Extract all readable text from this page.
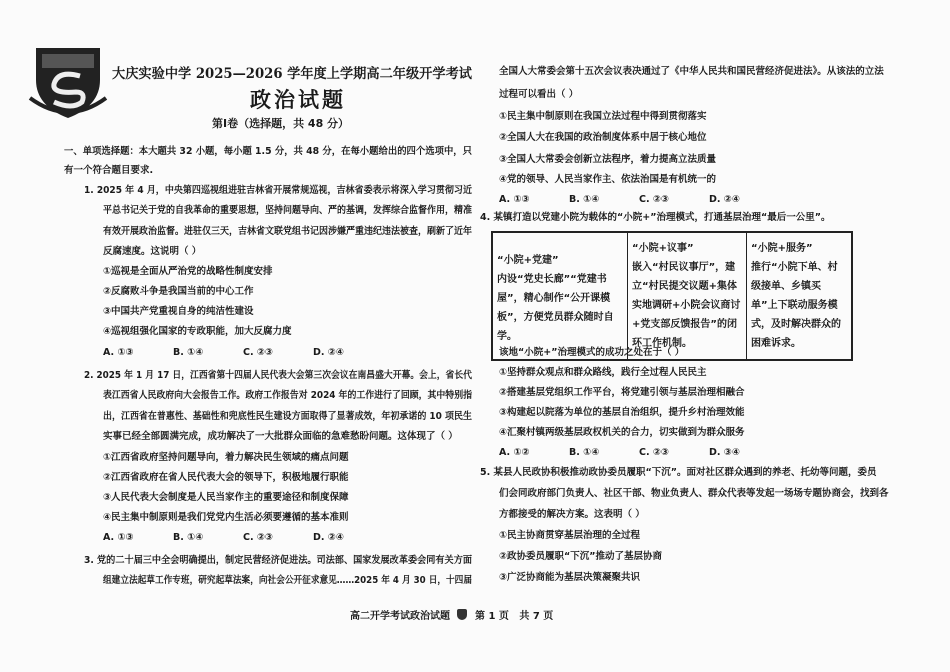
大庆实验中学 2025—2026 学年度上学期高二年级开学考试
政治试题
第Ⅰ卷（选择题，共 48 分）
一、单项选择题：本大题共 32 小题，每小题 1.5 分，共 48 分，在每小题给出的四个选项中，只
有一个符合题目要求.
1. 2025 年 4 月，中央第四巡视组进驻吉林省开展常规巡视，吉林省委表示将深入学习贯彻习近
平总书记关于党的自我革命的重要思想，坚持问题导向、严的基调，发挥综合监督作用，精准
有效开展政治监督。进驻仅三天，吉林省文联党组书记因涉嫌严重违纪违法被查，刷新了近年
反腐速度。这说明（ ）
①巡视是全面从严治党的战略性制度安排
②反腐败斗争是我国当前的中心工作
③中国共产党重视自身的纯洁性建设
④巡视组强化国家的专政职能，加大反腐力度
A. ①③	B. ①④	C. ②③	D. ②④
2. 2025 年 1 月 17 日，江西省第十四届人民代表大会第三次会议在南昌盛大开幕。会上，省长代
表江西省人民政府向大会报告工作。政府工作报告对 2024 年的工作进行了回顾，其中特别指
出，江西省在普惠性、基础性和兜底性民生建设方面取得了显著成效，年初承诺的 10 项民生
实事已经全部圆满完成，成功解决了一大批群众面临的急难愁盼问题。这体现了（ ）
①江西省政府坚持问题导向，着力解决民生领域的痛点问题
②江西省政府在省人民代表大会的领导下，积极地履行职能
③人民代表大会制度是人民当家作主的重要途径和制度保障
④民主集中制原则是我们党党内生活必须要遵循的基本准则
A. ①③	B. ①④	C. ②③	D. ②④
3. 党的二十届三中全会明确提出，制定民营经济促进法。司法部、国家发展改革委会同有关方面
组建立法起草工作专班，研究起草法案，向社会公开征求意见……2025 年 4 月 30 日，十四届
全国人大常委会第十五次会议表决通过了《中华人民共和国民营经济促进法》。从该法的立法
过程可以看出（ ）
①民主集中制原则在我国立法过程中得到贯彻落实
②全国人大在我国的政治制度体系中居于核心地位
③全国人大常委会创新立法程序，着力提高立法质量
④党的领导、人民当家作主、依法治国是有机统一的
A. ①③	B. ①④	C. ②③	D. ②④
4. 某镇打造以党建小院为载体的“小院+”治理模式，打通基层治理“最后一公里”。
“小院+党建”
内设“党史长廊”“党建书屋”，精心制作“公开课模板”，方便党员群众随时自学。

“小院+议事”
嵌入“村民议事厅”，建立“村民提交议题+集体实地调研+小院会议商讨+党支部反馈报告”的闭环工作机制。

“小院+服务”
推行“小院下单、村级接单、乡镇买单”上下联动服务模式，及时解决群众的困难诉求。
该地“小院+”治理模式的成功之处在于（ ）
①坚持群众观点和群众路线，践行全过程人民民主
②搭建基层党组织工作平台，将党建引领与基层治理相融合
③构建起以院落为单位的基层自治组织，提升乡村治理效能
④汇聚村镇两级基层政权机关的合力，切实做到为群众服务
A. ①②	B. ①④	C. ②③	D. ③④
5. 某县人民政协积极推动政协委员履职“下沉”。面对社区群众遇到的养老、托幼等问题，委员
们会同政府部门负责人、社区干部、物业负责人、群众代表等发起一场场专题协商会，找到各
方都接受的解决方案。这表明（ ）
①民主协商贯穿基层治理的全过程
②政协委员履职“下沉”推动了基层协商
③广泛协商能为基层决策凝聚共识
高二开学考试政治试题 第 1 页 共 7 页
